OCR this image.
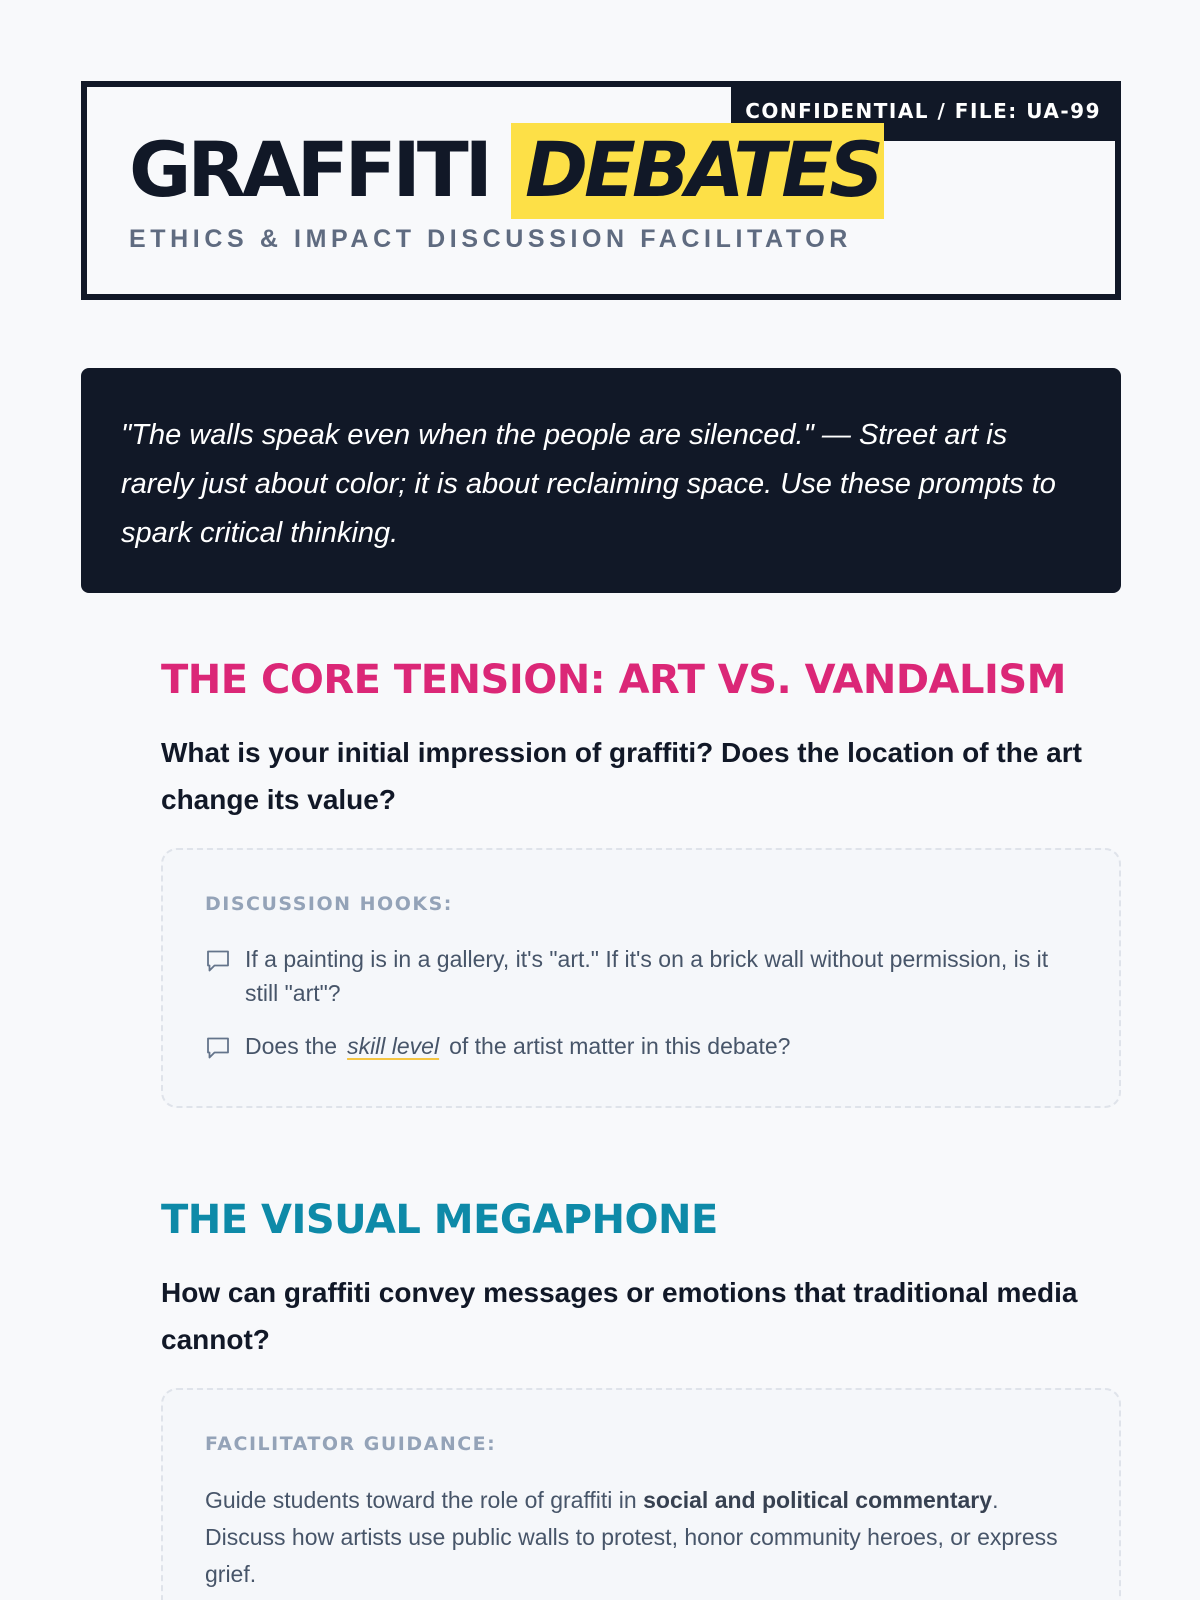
CONFIDENTIAL / FILE: UA-99
GRAFFITI DEBATES
ETHICS & IMPACT DISCUSSION FACILITATOR

"The walls speak even when the people are silenced." — Street art is rarely just about color; it is about reclaiming space. Use these prompts to spark critical thinking.

THE CORE TENSION: ART VS. VANDALISM

What is your initial impression of graffiti? Does the location of the art change its value?

DISCUSSION HOOKS:
If a painting is in a gallery, it's "art." If it's on a brick wall without permission, is it still "art"?
Does the skill level of the artist matter in this debate?
THE VISUAL MEGAPHONE

How can graffiti convey messages or emotions that traditional media cannot?

FACILITATOR GUIDANCE:

Guide students toward the role of graffiti in social and political commentary. Discuss how artists use public walls to protest, honor community heroes, or express grief.
